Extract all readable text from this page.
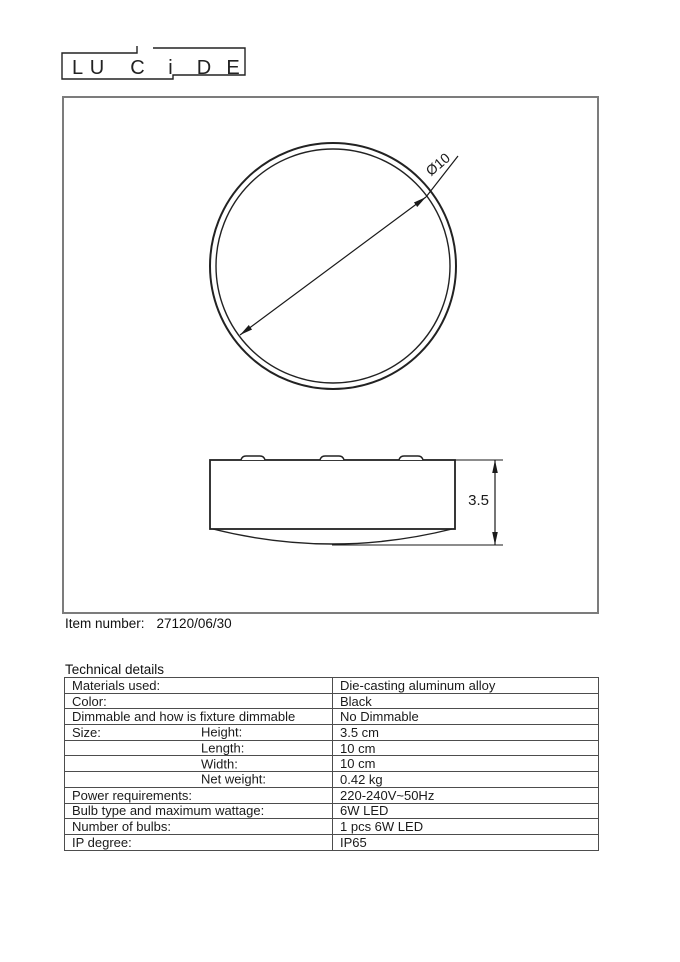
L U C i D E
Ø10
3.5
Item number: 27120/06/30
Technical details
Materials used:	Die-casting aluminum alloy
Color:	Black
Dimmable and how is fixture dimmable	No Dimmable
Size: Height:	3.5 cm

Length:	10 cm

Width:	10 cm

Net weight:	0.42 kg
Power requirements:	220-240V~50Hz
Bulb type and maximum wattage:	6W LED
Number of bulbs:	1 pcs 6W LED
IP degree:	IP65
